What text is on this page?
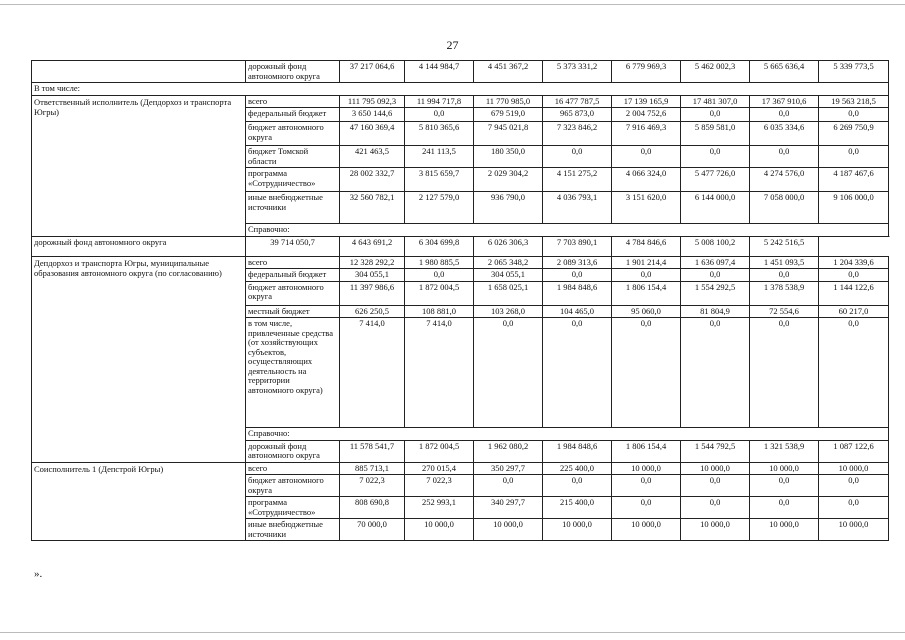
27
	дорожный фонд автономного округа	37 217 064,6	4 144 984,7	4 451 367,2	5 373 331,2	6 779 969,3	5 462 002,3	5 665 636,4	5 339 773,5
В том числе:									
Ответственный исполнитель (Депдорхоз и транспорта Югры)	всего	111 795 092,3	11 994 717,8	11 770 985,0	16 477 787,5	17 139 165,9	17 481 307,0	17 367 910,6	19 563 218,5
	федеральный бюджет	3 650 144,6	0,0	679 519,0	965 873,0	2 004 752,6	0,0	0,0	0,0
	бюджет автономного округа	47 160 369,4	5 810 365,6	7 945 021,8	7 323 846,2	7 916 469,3	5 859 581,0	6 035 334,6	6 269 750,9
	бюджет Томской области	421 463,5	241 113,5	180 350,0	0,0	0,0	0,0	0,0	0,0
	программа «Сотрудничество»	28 002 332,7	3 815 659,7	2 029 304,2	4 151 275,2	4 066 324,0	5 477 726,0	4 274 576,0	4 187 467,6
	иные внебюджетные источники	32 560 782,1	2 127 579,0	936 790,0	4 036 793,1	3 151 620,0	6 144 000,0	7 058 000,0	9 106 000,0
	Справочно:								
дорожный фонд автономного округа	39 714 050,7	4 643 691,2	6 304 699,8	6 026 306,3	7 703 890,1	4 784 846,6	5 008 100,2	5 242 516,5	
Депдорхоз и транспорта Югры, муниципальные образования автономного округа (по согласованию)	всего	12 328 292,2	1 980 885,5	2 065 348,2	2 089 313,6	1 901 214,4	1 636 097,4	1 451 093,5	1 204 339,6
	федеральный бюджет	304 055,1	0,0	304 055,1	0,0	0,0	0,0	0,0	0,0
	бюджет автономного округа	11 397 986,6	1 872 004,5	1 658 025,1	1 984 848,6	1 806 154,4	1 554 292,5	1 378 538,9	1 144 122,6
	местный бюджет	626 250,5	108 881,0	103 268,0	104 465,0	95 060,0	81 804,9	72 554,6	60 217,0
	в том числе, привлеченные средства (от хозяйствующих субъектов, осуществляющих деятельность на территории автономного округа)	7 414,0	7 414,0	0,0	0,0	0,0	0,0	0,0	0,0
	Справочно:								
	дорожный фонд автономного округа	11 578 541,7	1 872 004,5	1 962 080,2	1 984 848,6	1 806 154,4	1 544 792,5	1 321 538,9	1 087 122,6
Соисполнитель 1 (Депстрой Югры)	всего	885 713,1	270 015,4	350 297,7	225 400,0	10 000,0	10 000,0	10 000,0	10 000,0
	бюджет автономного округа	7 022,3	7 022,3	0,0	0,0	0,0	0,0	0,0	0,0
	программа «Сотрудничество»	808 690,8	252 993,1	340 297,7	215 400,0	0,0	0,0	0,0	0,0
	иные внебюджетные источники	70 000,0	10 000,0	10 000,0	10 000,0	10 000,0	10 000,0	10 000,0	10 000,0
».
